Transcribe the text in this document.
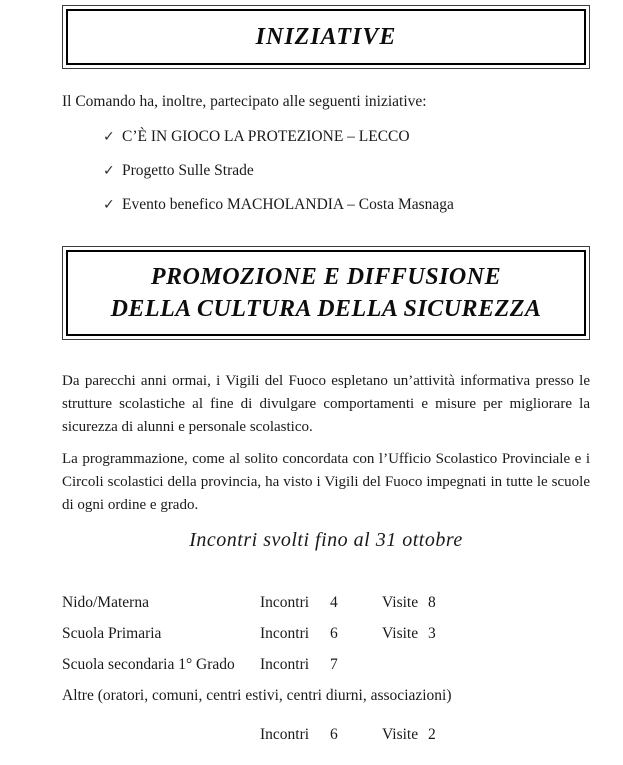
INIZIATIVE

Il Comando ha, inoltre, partecipato alle seguenti iniziative:

✓ C’È IN GIOCO LA PROTEZIONE – LECCO
✓ Progetto Sulle Strade
✓ Evento benefico MACHOLANDIA – Costa Masnaga
PROMOZIONE E DIFFUSIONE
DELLA CULTURA DELLA SICUREZZA

Da parecchi anni ormai, i Vigili del Fuoco espletano un’attività informativa presso le strutture scolastiche al fine di divulgare comportamenti e misure per migliorare la sicurezza di alunni e personale scolastico.

La programmazione, come al solito concordata con l’Ufficio Scolastico Provinciale e i Circoli scolastici della provincia, ha visto i Vigili del Fuoco impegnati in tutte le scuole di ogni ordine e grado.

Incontri svolti fino al 31 ottobre
Nido/Materna	Incontri 4	Visite 8
Scuola Primaria	Incontri 6	Visite 3
Scuola secondaria 1° Grado Incontri 7
Altre (oratori, comuni, centri estivi, centri diurni, associazioni)
Incontri 6	Visite 2
